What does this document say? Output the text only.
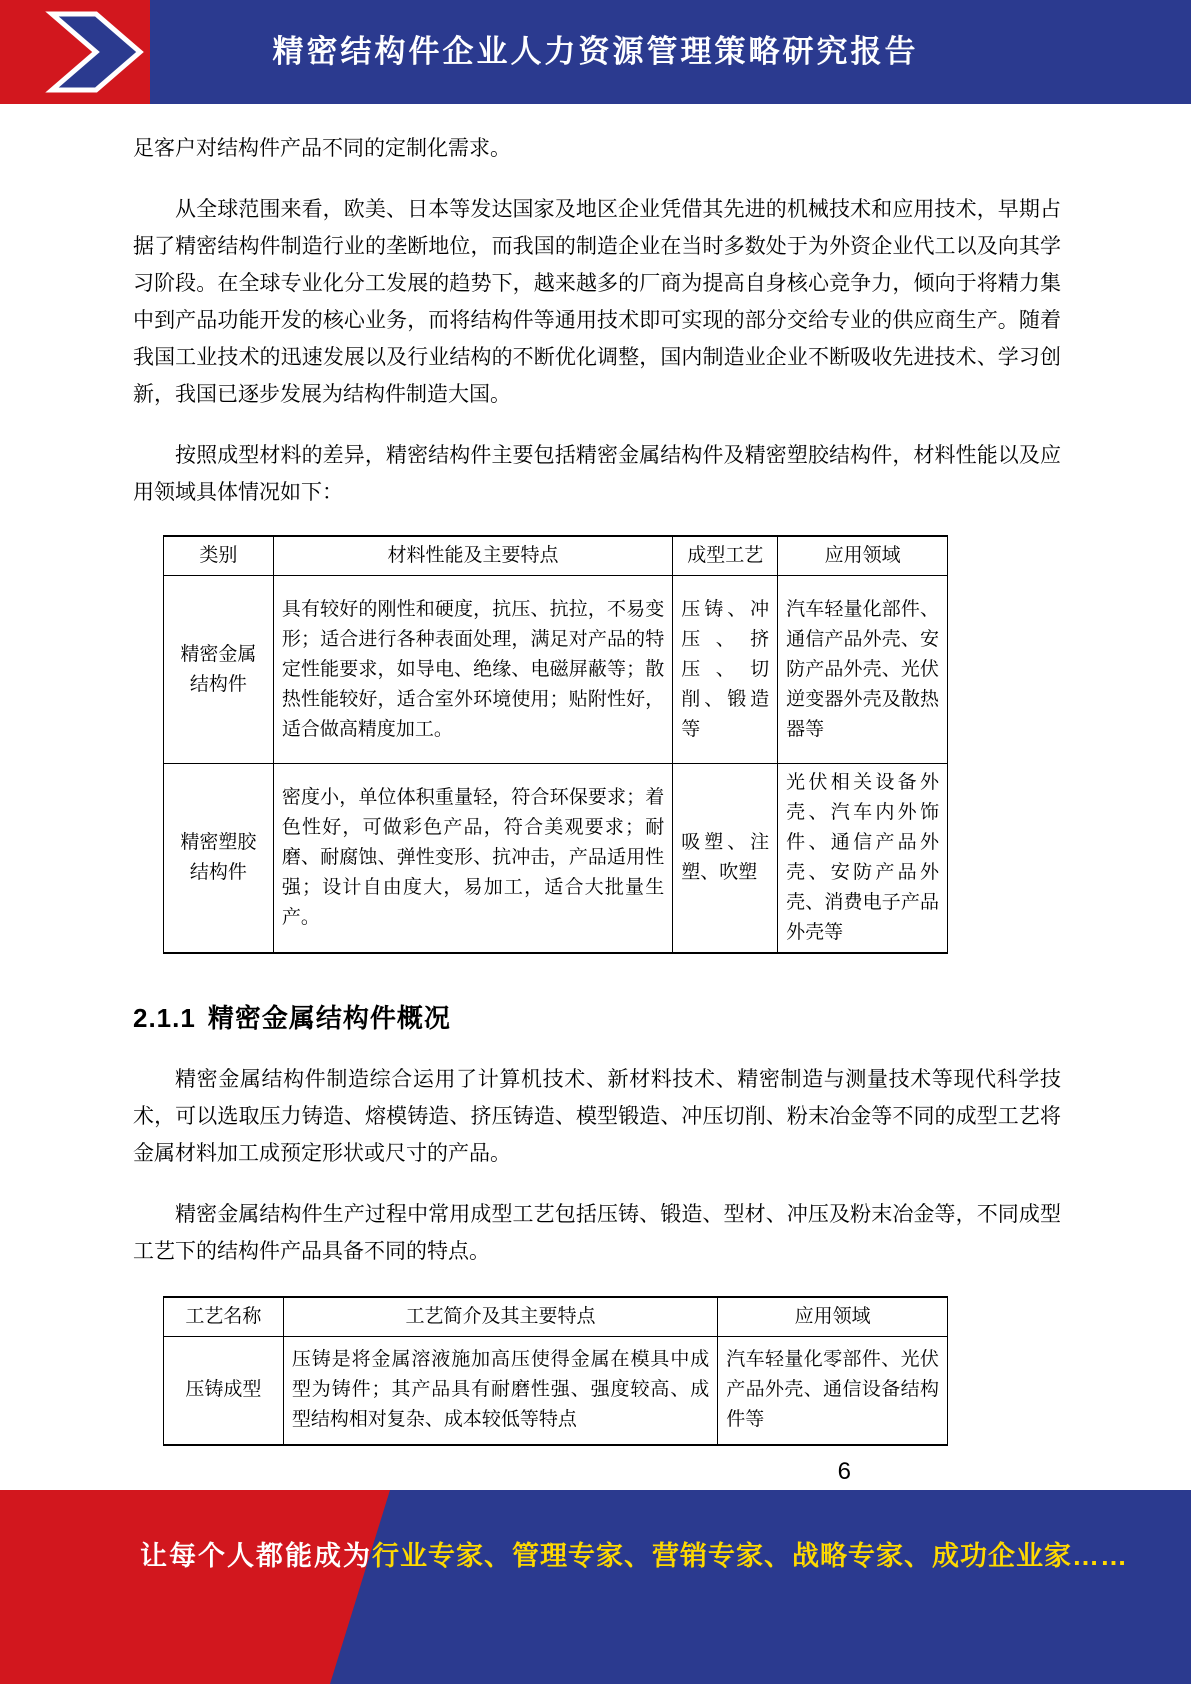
精密结构件企业人力资源管理策略研究报告

足客户对结构件产品不同的定制化需求。

从全球范围来看，欧美、日本等发达国家及地区企业凭借其先进的机械技术和应用技术，早期占据了精密结构件制造行业的垄断地位，而我国的制造企业在当时多数处于为外资企业代工以及向其学习阶段。在全球专业化分工发展的趋势下，越来越多的厂商为提高自身核心竞争力，倾向于将精力集中到产品功能开发的核心业务，而将结构件等通用技术即可实现的部分交给专业的供应商生产。随着我国工业技术的迅速发展以及行业结构的不断优化调整，国内制造业企业不断吸收先进技术、学习创新，我国已逐步发展为结构件制造大国。

按照成型材料的差异，精密结构件主要包括精密金属结构件及精密塑胶结构件，材料性能以及应用领域具体情况如下：

类别	材料性能及主要特点	成型工艺	应用领域
精密金属结构件	具有较好的刚性和硬度，抗压、抗拉，不易变形；适合进行各种表面处理，满足对产品的特定性能要求，如导电、绝缘、电磁屏蔽等；散热性能较好，适合室外环境使用；贴附性好，适合做高精度加工。	压铸、冲压、挤压、切削、锻造等	汽车轻量化部件、通信产品外壳、安防产品外壳、光伏逆变器外壳及散热器等
精密塑胶结构件	密度小，单位体积重量轻，符合环保要求；着色性好，可做彩色产品，符合美观要求；耐磨、耐腐蚀、弹性变形、抗冲击，产品适用性强；设计自由度大，易加工，适合大批量生产。	吸塑、注塑、吹塑	光伏相关设备外壳、汽车内外饰件、通信产品外壳、安防产品外壳、消费电子产品外壳等
2.1.1 精密金属结构件概况

精密金属结构件制造综合运用了计算机技术、新材料技术、精密制造与测量技术等现代科学技术，可以选取压力铸造、熔模铸造、挤压铸造、模型锻造、冲压切削、粉末冶金等不同的成型工艺将金属材料加工成预定形状或尺寸的产品。

精密金属结构件生产过程中常用成型工艺包括压铸、锻造、型材、冲压及粉末冶金等，不同成型工艺下的结构件产品具备不同的特点。

工艺名称	工艺简介及其主要特点	应用领域
压铸成型	压铸是将金属溶液施加高压使得金属在模具中成型为铸件；其产品具有耐磨性强、强度较高、成型结构相对复杂、成本较低等特点	汽车轻量化零部件、光伏产品外壳、通信设备结构件等
6
让每个人都能成为 行业专家、管理专家、营销专家、战略专家、成功企业家……
